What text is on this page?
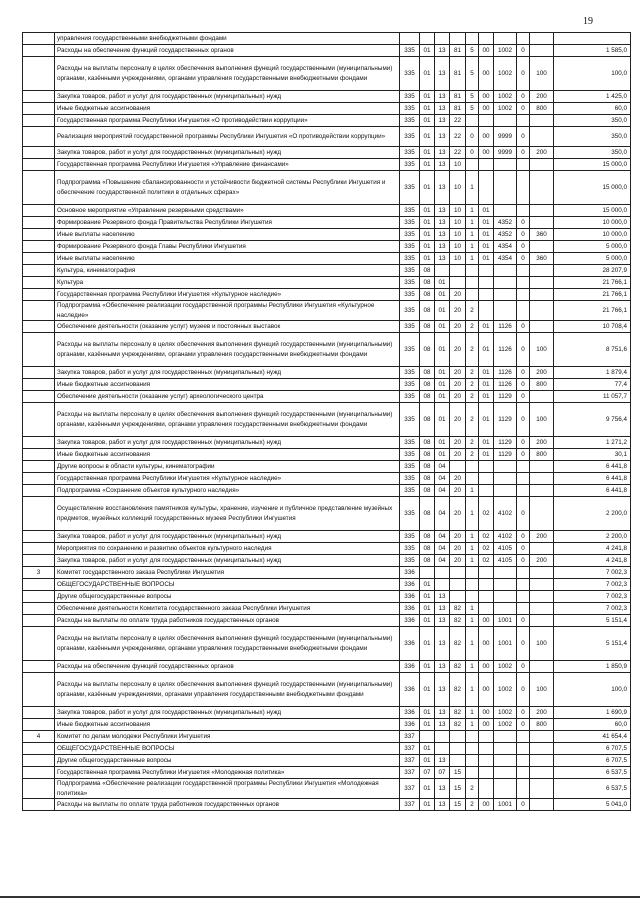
19
	управления государственными внебюджетными фондами										
	Расходы на обеспечение функций государственных органов	335	01	13	81	5	00	1002	0		1 585,0
	Расходы на выплаты персоналу в целях обеспечения выполнения функций государственными (муниципальными) органами, казёнными учреждениями, органами управления государственными внебюджетными фондами	335	01	13	81	5	00	1002	0	100	100,0
	Закупка товаров, работ и услуг для государственных (муниципальных) нужд	335	01	13	81	5	00	1002	0	200	1 425,0
	Иные бюджетные ассигнования	335	01	13	81	5	00	1002	0	800	60,0
	Государственная программа Республики Ингушетия «О противодействии коррупции»	335	01	13	22						350,0
	Реализация мероприятий государственной программы Республики Ингушетия «О противодействии коррупции»	335	01	13	22	0	00	9999	0		350,0
	Закупка товаров, работ и услуг для государственных (муниципальных) нужд	335	01	13	22	0	00	9999	0	200	350,0
	Государственная программа Республики Ингушетия «Управление финансами»	335	01	13	10						15 000,0
	Подпрограмма «Повышение сбалансированности и устойчивости бюджетной системы Республики Ингушетия и обеспечение государственной политики в отдельных сферах»	335	01	13	10	1					15 000,0
	Основное мероприятие «Управление резервными средствами»	335	01	13	10	1	01				15 000,0
	Формирование Резервного фонда Правительства Республики Ингушетия	335	01	13	10	1	01	4352	0		10 000,0
	Иные выплаты населению	335	01	13	10	1	01	4352	0	360	10 000,0
	Формирование Резервного фонда Главы Республики Ингушетия	335	01	13	10	1	01	4354	0		5 000,0
	Иные выплаты населению	335	01	13	10	1	01	4354	0	360	5 000,0
	Культура, кинематография	335	08								28 207,9
	Культура	335	08	01							21 766,1
	Государственная программа Республики Ингушетия «Культурное наследие»	335	08	01	20						21 766,1
	Подпрограмма «Обеспечение реализации государственной программы Республики Ингушетия «Культурное наследие»	335	08	01	20	2					21 766,1
	Обеспечение деятельности (оказание услуг) музеев и постоянных выставок	335	08	01	20	2	01	1126	0		10 708,4
	Расходы на выплаты персоналу в целях обеспечения выполнения функций государственными (муниципальными) органами, казёнными учреждениями, органами управления государственными внебюджетными фондами	335	08	01	20	2	01	1126	0	100	8 751,6
	Закупка товаров, работ и услуг для государственных (муниципальных) нужд	335	08	01	20	2	01	1126	0	200	1 879,4
	Иные бюджетные ассигнования	335	08	01	20	2	01	1126	0	800	77,4
	Обеспечение деятельности (оказание услуг) археологического центра	335	08	01	20	2	01	1129	0		11 057,7
	Расходы на выплаты персоналу в целях обеспечения выполнения функций государственными (муниципальными) органами, казёнными учреждениями, органами управления государственными внебюджетными фондами	335	08	01	20	2	01	1129	0	100	9 756,4
	Закупка товаров, работ и услуг для государственных (муниципальных) нужд	335	08	01	20	2	01	1129	0	200	1 271,2
	Иные бюджетные ассигнования	335	08	01	20	2	01	1129	0	800	30,1
	Другие вопросы в области культуры, кинематографии	335	08	04							6 441,8
	Государственная программа Республики Ингушетия «Культурное наследие»	335	08	04	20						6 441,8
	Подпрограмма «Сохранение объектов культурного наследия»	335	08	04	20	1					6 441,8
	Осуществление восстановления памятников культуры, хранение, изучение и публичное представление музейных предметов, музейных коллекций государственных музеев Республики Ингушетия	335	08	04	20	1	02	4102	0		2 200,0
	Закупка товаров, работ и услуг для государственных (муниципальных) нужд	335	08	04	20	1	02	4102	0	200	2 200,0
	Мероприятия по сохранению и развитию объектов культурного наследия	335	08	04	20	1	02	4105	0		4 241,8
	Закупка товаров, работ и услуг для государственных (муниципальных) нужд	335	08	04	20	1	02	4105	0	200	4 241,8
3	Комитет государственного заказа Республики Ингушетия	336									7 002,3
	ОБЩЕГОСУДАРСТВЕННЫЕ ВОПРОСЫ	336	01								7 002,3
	Другие общегосударственные вопросы	336	01	13							7 002,3
	Обеспечение деятельности Комитета государственного заказа Республики Ингушетия	336	01	13	82	1					7 002,3
	Расходы на выплаты по оплате труда работников государственных органов	336	01	13	82	1	00	1001	0		5 151,4
	Расходы на выплаты персоналу в целях обеспечения выполнения функций государственными (муниципальными) органами, казёнными учреждениями, органами управления государственными внебюджетными фондами	336	01	13	82	1	00	1001	0	100	5 151,4
	Расходы на обеспечение функций государственных органов	336	01	13	82	1	00	1002	0		1 850,9
	Расходы на выплаты персоналу в целях обеспечения выполнения функций государственными (муниципальными) органами, казённым учреждениями, органами управления государственными внебюджетными фондами	336	01	13	82	1	00	1002	0	100	100,0
	Закупка товаров, работ и услуг для государственных (муниципальных) нужд	336	01	13	82	1	00	1002	0	200	1 690,9
	Иные бюджетные ассигнования	336	01	13	82	1	00	1002	0	800	60,0
4	Комитет по делам молодежи Республики Ингушетия	337									41 654,4
	ОБЩЕГОСУДАРСТВЕННЫЕ ВОПРОСЫ	337	01								6 707,5
	Другие общегосударственные вопросы	337	01	13							6 707,5
	Государственная программа Республики Ингушетия «Молодежная политика»	337	07	07	15						6 537,5
	Подпрограмма «Обеспечение реализации государственной программы Республики Ингушетия «Молодежная политика»	337	01	13	15	2					6 537,5
	Расходы на выплаты по оплате труда работников государственных органов	337	01	13	15	2	00	1001	0		5 041,0
